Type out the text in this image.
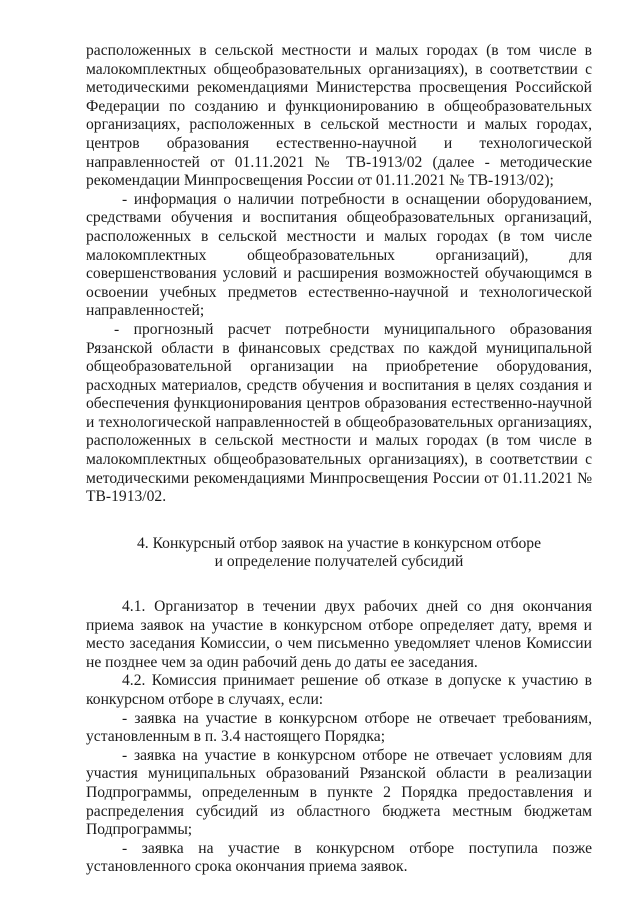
расположенных в сельской местности и малых городах (в том числе в малокомплектных общеобразовательных организациях), в соответствии с методическими рекомендациями Министерства просвещения Российской Федерации по созданию и функционированию в общеобразовательных организациях, расположенных в сельской местности и малых городах, центров образования естественно-научной и технологической направленностей от 01.11.2021 № ТВ-1913/02 (далее - методические рекомендации Минпросвещения России от 01.11.2021 № ТВ-1913/02);

- информация о наличии потребности в оснащении оборудованием, средствами обучения и воспитания общеобразовательных организаций, расположенных в сельской местности и малых городах (в том числе малокомплектных общеобразовательных организаций), для совершенствования условий и расширения возможностей обучающимся в освоении учебных предметов естественно-научной и технологической направленностей;

- прогнозный расчет потребности муниципального образования Рязанской области в финансовых средствах по каждой муниципальной общеобразовательной организации на приобретение оборудования, расходных материалов, средств обучения и воспитания в целях создания и обеспечения функционирования центров образования естественно-научной и технологической направленностей в общеобразовательных организациях, расположенных в сельской местности и малых городах (в том числе в малокомплектных общеобразовательных организациях), в соответствии с методическими рекомендациями Минпросвещения России от 01.11.2021 № ТВ-1913/02.

4. Конкурсный отбор заявок на участие в конкурсном отборе
и определение получателей субсидий

4.1. Организатор в течении двух рабочих дней со дня окончания приема заявок на участие в конкурсном отборе определяет дату, время и место заседания Комиссии, о чем письменно уведомляет членов Комиссии не позднее чем за один рабочий день до даты ее заседания.

4.2. Комиссия принимает решение об отказе в допуске к участию в конкурсном отборе в случаях, если:

- заявка на участие в конкурсном отборе не отвечает требованиям, установленным в п. 3.4 настоящего Порядка;

- заявка на участие в конкурсном отборе не отвечает условиям для участия муниципальных образований Рязанской области в реализации Подпрограммы, определенным в пункте 2 Порядка предоставления и распределения субсидий из областного бюджета местным бюджетам Подпрограммы;

- заявка на участие в конкурсном отборе поступила позже установленного срока окончания приема заявок.
